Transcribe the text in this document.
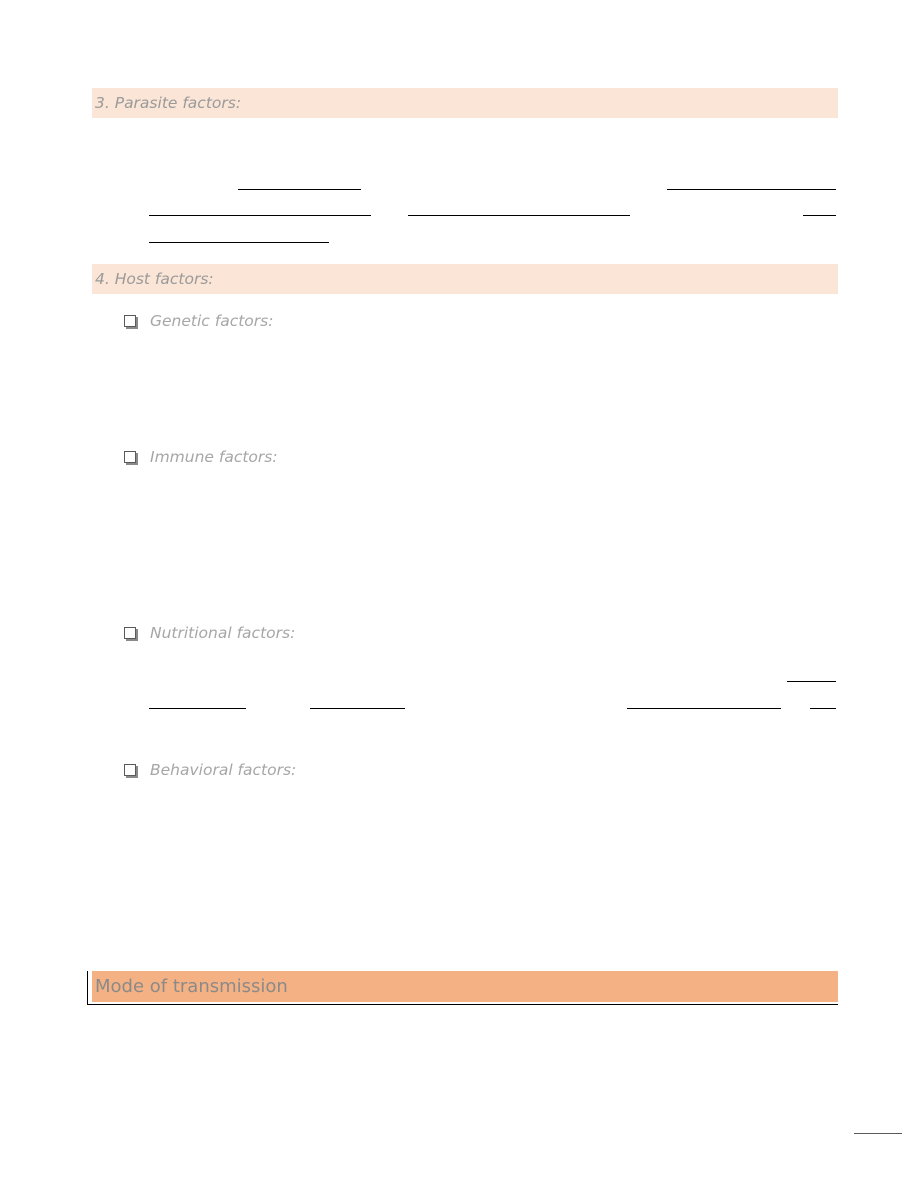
3. Parasite factors:
4. Host factors:
Genetic factors:
Immune factors:
Nutritional factors:
Behavioral factors:
Mode of transmission
